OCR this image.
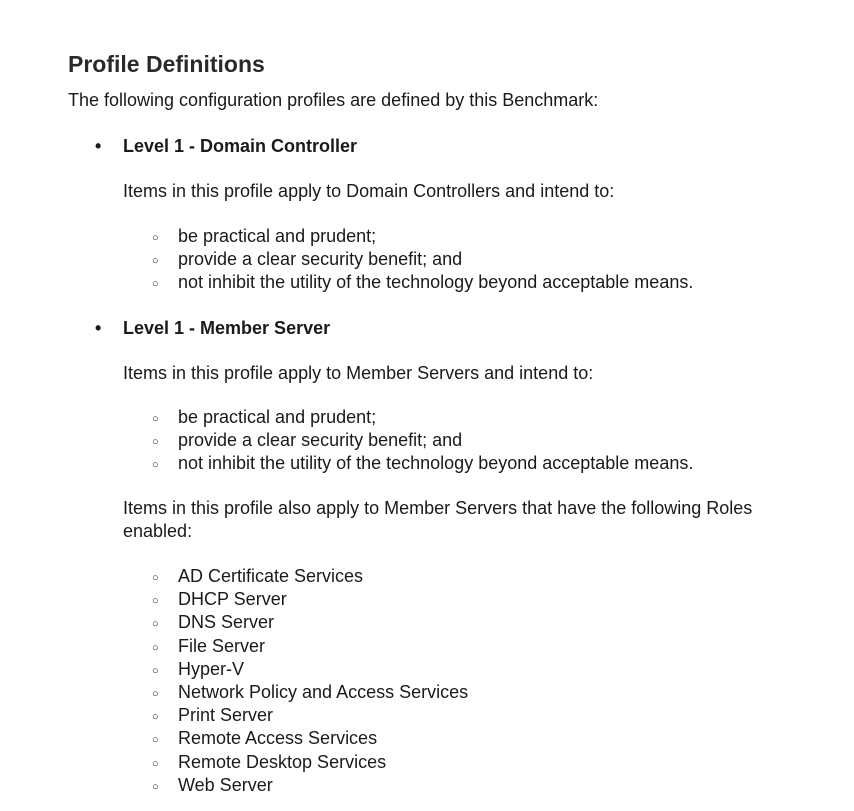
Profile Definitions

The following configuration profiles are defined by this Benchmark:

• Level 1 - Domain Controller

Items in this profile apply to Domain Controllers and intend to:

○ be practical and prudent;
○ provide a clear security benefit; and
○ not inhibit the utility of the technology beyond acceptable means.

• Level 1 - Member Server

Items in this profile apply to Member Servers and intend to:

○ be practical and prudent;
○ provide a clear security benefit; and
○ not inhibit the utility of the technology beyond acceptable means.

Items in this profile also apply to Member Servers that have the following Roles enabled:

○ AD Certificate Services
○ DHCP Server
○ DNS Server
○ File Server
○ Hyper-V
○ Network Policy and Access Services
○ Print Server
○ Remote Access Services
○ Remote Desktop Services
○ Web Server
